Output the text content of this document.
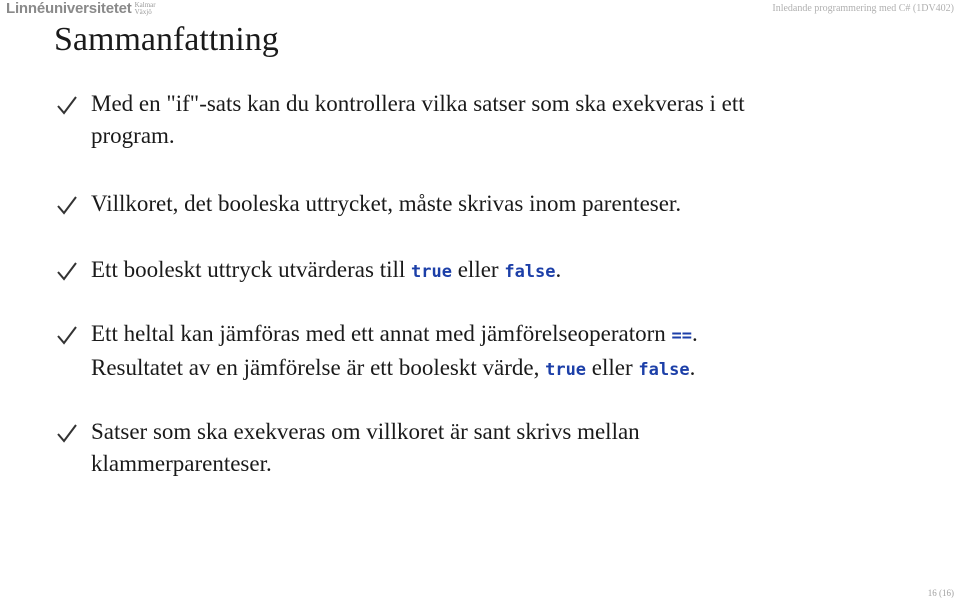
Linnéuniversitetet Kalmar
Växjö	Inledande programmering med C# (1DV402)
Sammanfattning
Med en "if"-sats kan du kontrollera vilka satser som ska exekveras i ett
program.
Villkoret, det booleska uttrycket, måste skrivas inom parenteser.
Ett booleskt uttryck utvärderas till true eller false.
Ett heltal kan jämföras med ett annat med jämförelseoperatorn ==.
Resultatet av en jämförelse är ett booleskt värde, true eller false.
Satser som ska exekveras om villkoret är sant skrivs mellan
klammerparenteser.
16 (16)
